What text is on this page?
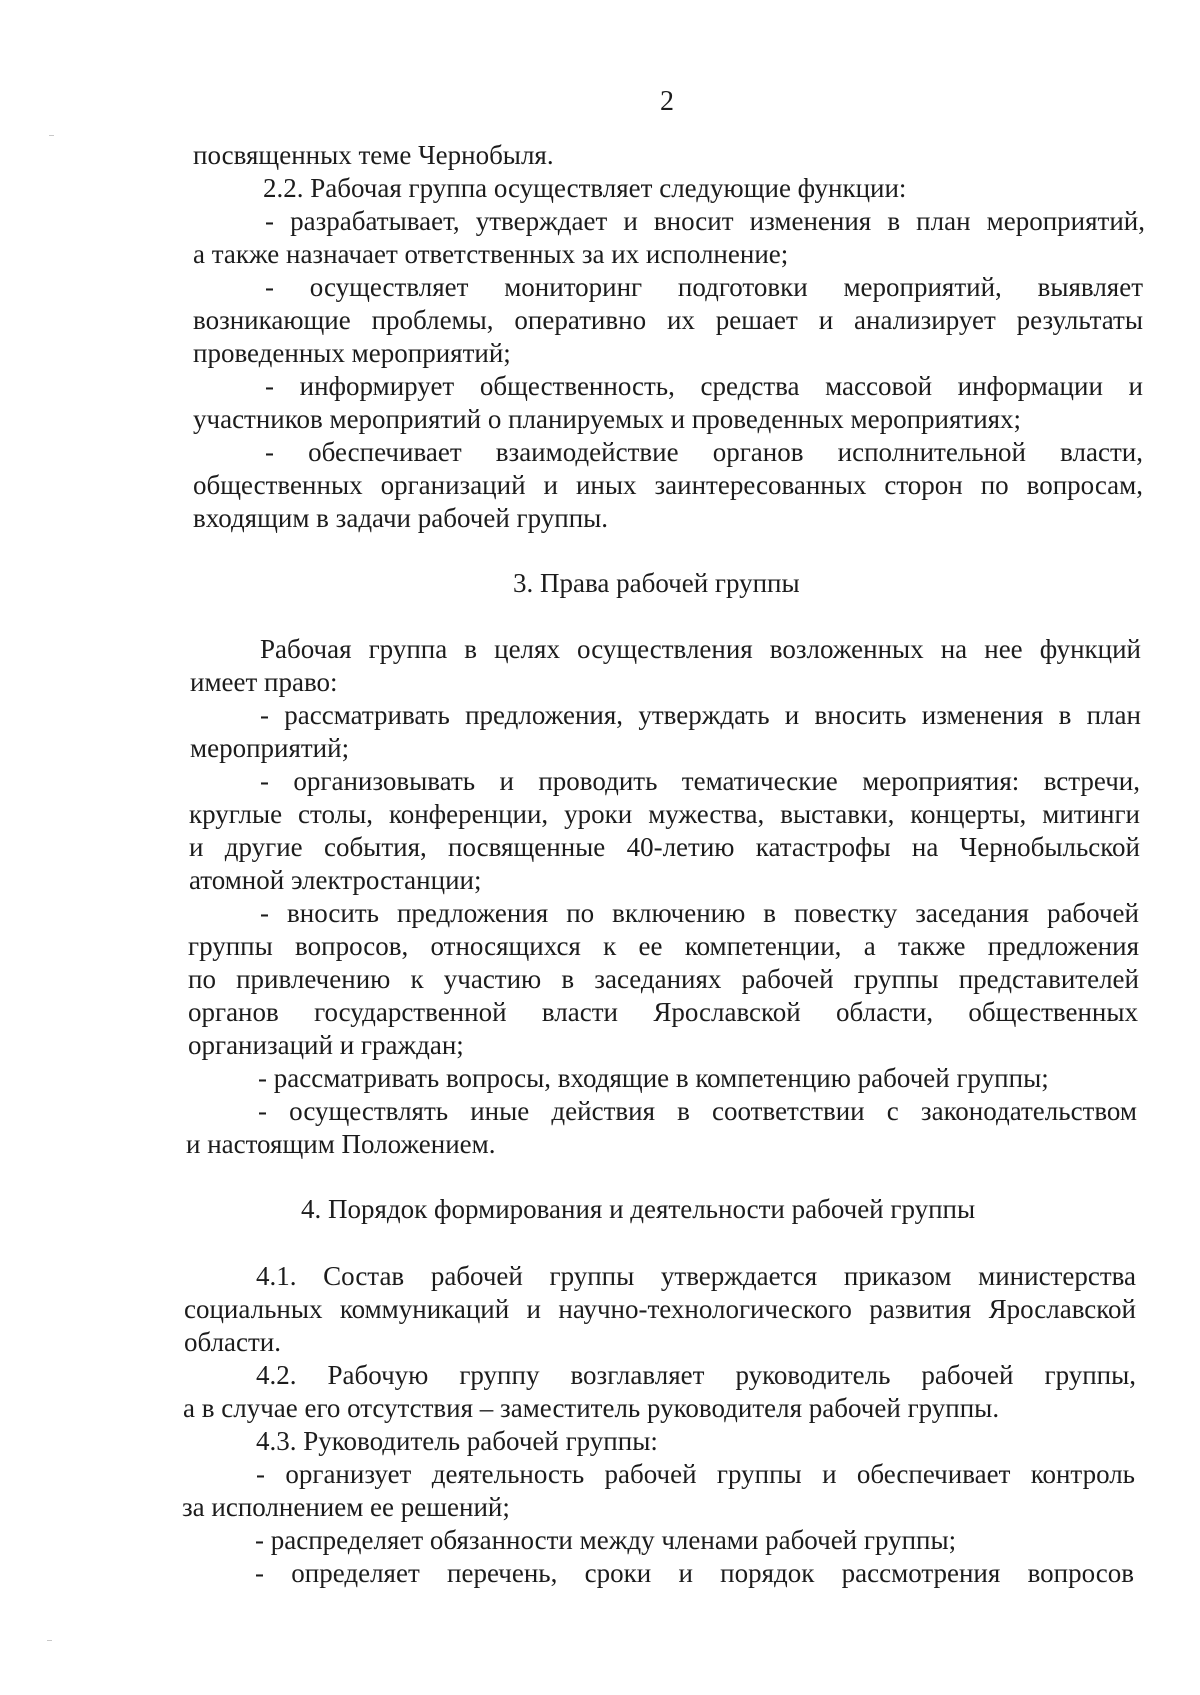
2
посвященных теме Чернобыля.
2.2. Рабочая группа осуществляет следующие функции:
- разрабатывает, утверждает и вносит изменения в план мероприятий,
а также назначает ответственных за их исполнение;
- осуществляет мониторинг подготовки мероприятий, выявляет
возникающие проблемы, оперативно их решает и анализирует результаты
проведенных мероприятий;
- информирует общественность, средства массовой информации и
участников мероприятий о планируемых и проведенных мероприятиях;
- обеспечивает взаимодействие органов исполнительной власти,
общественных организаций и иных заинтересованных сторон по вопросам,
входящим в задачи рабочей группы.
3. Права рабочей группы
Рабочая группа в целях осуществления возложенных на нее функций
имеет право:
- рассматривать предложения, утверждать и вносить изменения в план
мероприятий;
- организовывать и проводить тематические мероприятия: встречи,
круглые столы, конференции, уроки мужества, выставки, концерты, митинги
и другие события, посвященные 40-летию катастрофы на Чернобыльской
атомной электростанции;
- вносить предложения по включению в повестку заседания рабочей
группы вопросов, относящихся к ее компетенции, а также предложения
по привлечению к участию в заседаниях рабочей группы представителей
органов государственной власти Ярославской области, общественных
организаций и граждан;
- рассматривать вопросы, входящие в компетенцию рабочей группы;
- осуществлять иные действия в соответствии с законодательством
и настоящим Положением.
4. Порядок формирования и деятельности рабочей группы
4.1. Состав рабочей группы утверждается приказом министерства
социальных коммуникаций и научно-технологического развития Ярославской
области.
4.2. Рабочую группу возглавляет руководитель рабочей группы,
а в случае его отсутствия – заместитель руководителя рабочей группы.
4.3. Руководитель рабочей группы:
- организует деятельность рабочей группы и обеспечивает контроль
за исполнением ее решений;
- распределяет обязанности между членами рабочей группы;
- определяет перечень, сроки и порядок рассмотрения вопросов
